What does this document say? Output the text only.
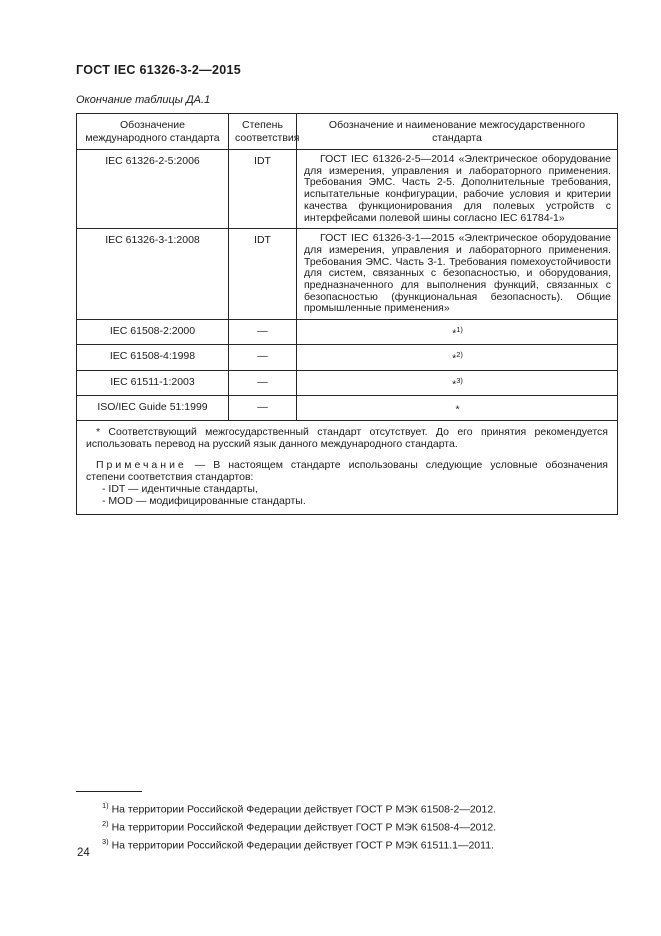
ГОСТ IEC 61326-3-2—2015

Окончание таблицы ДА.1

Обозначение международного стандарта	Степень соответствия	Обозначение и наименование межгосударственного стандарта
IEC 61326-2-5:2006	IDT	ГОСТ IEC 61326-2-5—2014 «Электрическое оборудование для измерения, управления и лабораторного применения. Требования ЭМС. Часть 2-5. Дополнительные требования, испытательные конфигурации, рабочие условия и критерии качества функционирования для полевых устройств с интерфейсами полевой шины согласно IEC 61784-1»
IEC 61326-3-1:2008	IDT	ГОСТ IEC 61326-3-1—2015 «Электрическое оборудование для измерения, управления и лабораторного применения. Требования ЭМС. Часть 3-1. Требования помехоустойчивости для систем, связанных с безопасностью, и оборудования, предназначенного для выполнения функций, связанных с безопасностью (функциональная безопасность). Общие промышленные применения»
IEC 61508-2:2000	—	*$^{1)}$
IEC 61508-4:1998	—	*$^{2)}$
IEC 61511-1:2003	—	*$^{3)}$
ISO/IEC Guide 51:1999	—	*

* Соответствующий межгосударственный стандарт отсутствует. До его принятия рекомендуется использовать перевод на русский язык данного международного стандарта.

Примечание — В настоящем стандарте использованы следующие условные обозначения степени соответствия стандартов:

- IDT — идентичные стандарты,

- MOD — модифицированные стандарты.		

$^{1)}$ На территории Российской Федерации действует ГОСТ Р МЭК 61508-2—2012.

$^{2)}$ На территории Российской Федерации действует ГОСТ Р МЭК 61508-4—2012.

$^{3)}$ На территории Российской Федерации действует ГОСТ Р МЭК 61511.1—2011.

24
